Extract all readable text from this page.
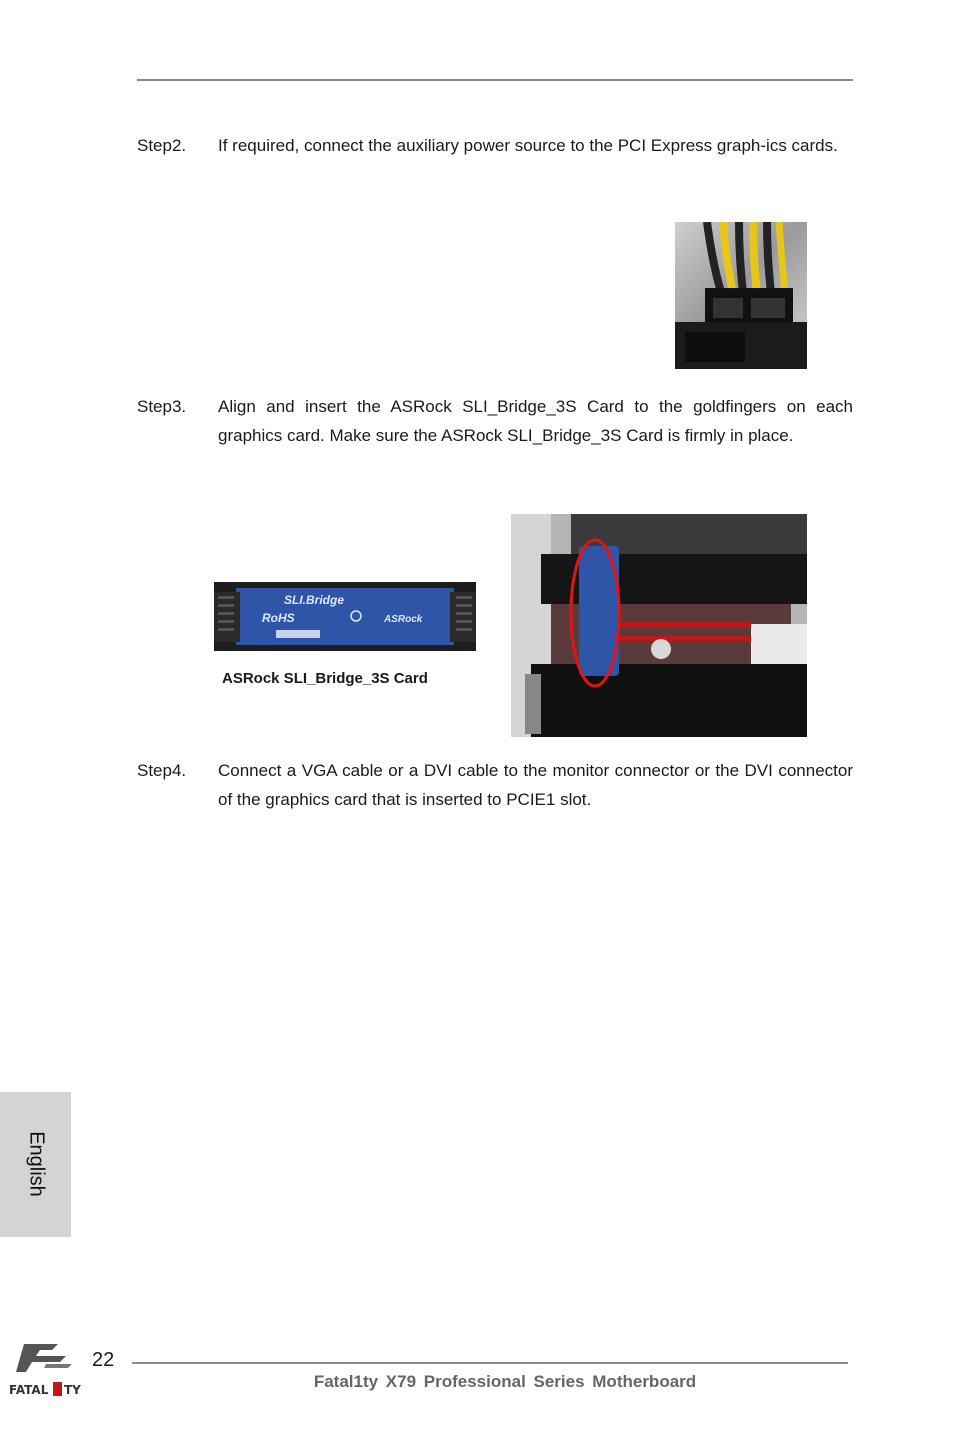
Step2. If required, connect the auxiliary power source to the PCI Express graph-ics cards.
Step3. Align and insert the ASRock SLI_Bridge_3S Card to the goldfingers on each graphics card. Make sure the ASRock SLI_Bridge_3S Card is firmly in place.
SLI.Bridge
RoHS	ASRock
ASRock SLI_Bridge_3S Card
Step4. Connect a VGA cable or a DVI cable to the monitor connector or the DVI connector of the graphics card that is inserted to PCIE1 slot.
English
FATAL TY
22
Fatal1ty X79 Professional Series Motherboard
